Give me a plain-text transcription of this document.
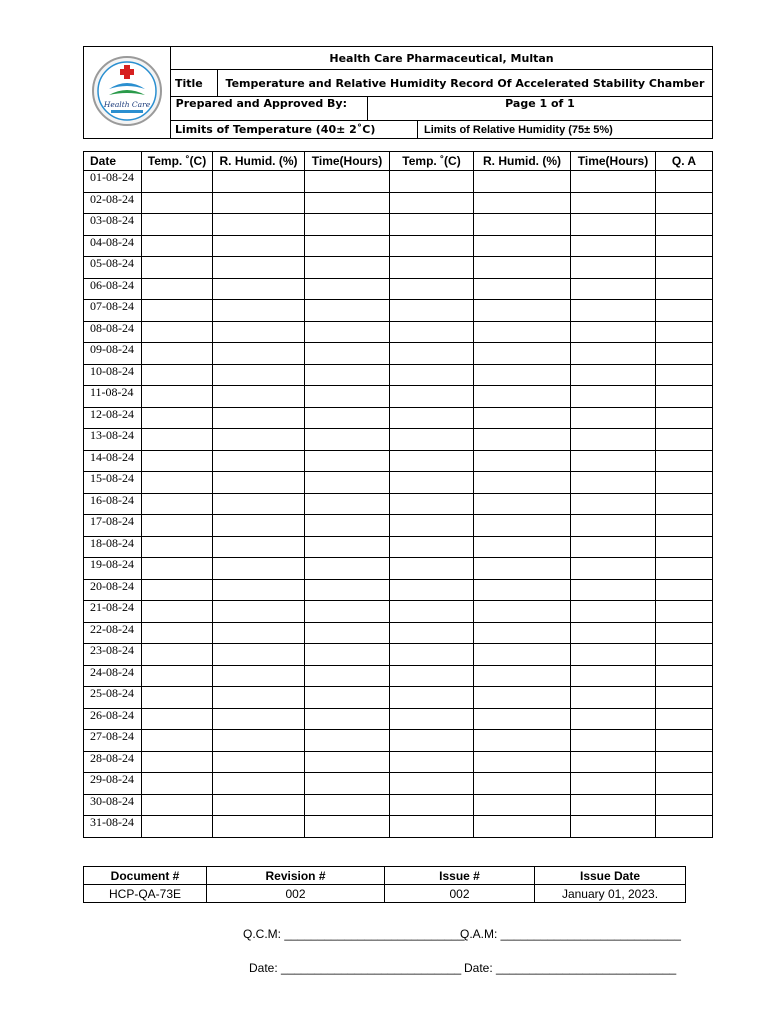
Health Care	Health Care Pharmaceutical, Multan			
	Title	Temperature and Relative Humidity Record Of Accelerated Stability Chamber		
	Prepared and Approved By:		Page 1 of 1	
	Limits of Temperature (40± 2˚C)			Limits of Relative Humidity (75± 5%)
Date	Temp. ˚(C)	R. Humid. (%)	Time(Hours)	Temp. ˚(C)	R. Humid. (%)	Time(Hours)	Q. A
01-08-24							
02-08-24							
03-08-24							
04-08-24							
05-08-24							
06-08-24							
07-08-24							
08-08-24							
09-08-24							
10-08-24							
11-08-24							
12-08-24							
13-08-24							
14-08-24							
15-08-24							
16-08-24							
17-08-24							
18-08-24							
19-08-24							
20-08-24							
21-08-24							
22-08-24							
23-08-24							
24-08-24							
25-08-24							
26-08-24							
27-08-24							
28-08-24							
29-08-24							
30-08-24							
31-08-24							
Document #	Revision #	Issue #	Issue Date
HCP-QA-73E	002	002	January 01, 2023.
Q.C.M: ___________________________
Q.A.M: ___________________________
Date: ___________________________ Date: ___________________________
